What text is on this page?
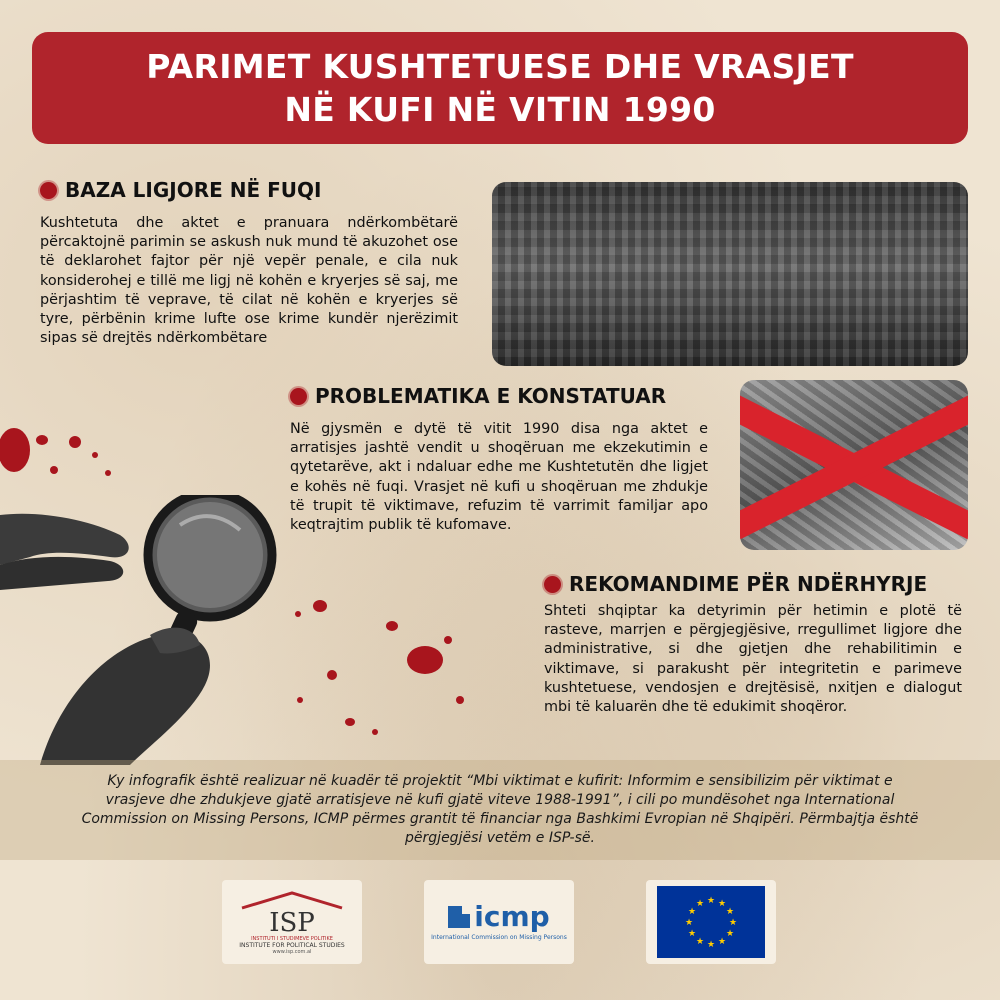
PARIMET KUSHTETUESE DHE VRASJET
NË KUFI NË VITIN 1990
BAZA LIGJORE NË FUQI
Kushtetuta dhe aktet e pranuara ndërkombëtarë përcaktojnë parimin se askush nuk mund të akuzohet ose të deklarohet fajtor për një vepër penale, e cila nuk konsiderohej e tillë me ligj në kohën e kryerjes së saj, me përjashtim të veprave, të cilat në kohën e kryerjes së tyre, përbënin krime lufte ose krime kundër njerëzimit sipas së drejtës ndërkombëtare
PROBLEMATIKA E KONSTATUAR
Në gjysmën e dytë të vitit 1990 disa nga aktet e arratisjes jashtë vendit u shoqëruan me ekzekutimin e qytetarëve, akt i ndaluar edhe me Kushtetutën dhe ligjet e kohës në fuqi. Vrasjet në kufi u shoqëruan me zhdukje të trupit të viktimave, refuzim të varrimit familjar apo keqtrajtim publik të kufomave.
REKOMANDIME PËR NDËRHYRJE
Shteti shqiptar ka detyrimin për hetimin e plotë të rasteve, marrjen e përgjegjësive, rregullimet ligjore dhe administrative, si dhe gjetjen dhe rehabilitimin e viktimave, si parakusht për integritetin e parimeve kushtetuese, vendosjen e drejtësisë, nxitjen e dialogut mbi të kaluarën dhe të edukimit shoqëror.
Ky infografik është realizuar në kuadër të projektit “Mbi viktimat e kufirit: Informim e sensibilizim për viktimat e vrasjeve dhe zhdukjeve gjatë arratisjeve në kufi gjatë viteve 1988-1991”, i cili po mundësohet nga International Commission on Missing Persons, ICMP përmes grantit të financiar nga Bashkimi Evropian në Shqipëri. Përmbajtja është përgjegjësi vetëm e ISP-së.
ISP
INSTITUTI I STUDIMEVE POLITIKE
INSTITUTE FOR POLITICAL STUDIES
www.isp.com.al
icmp
International Commission on Missing Persons
★ ★
★
★
★
★
★
★
★
★
★
★
